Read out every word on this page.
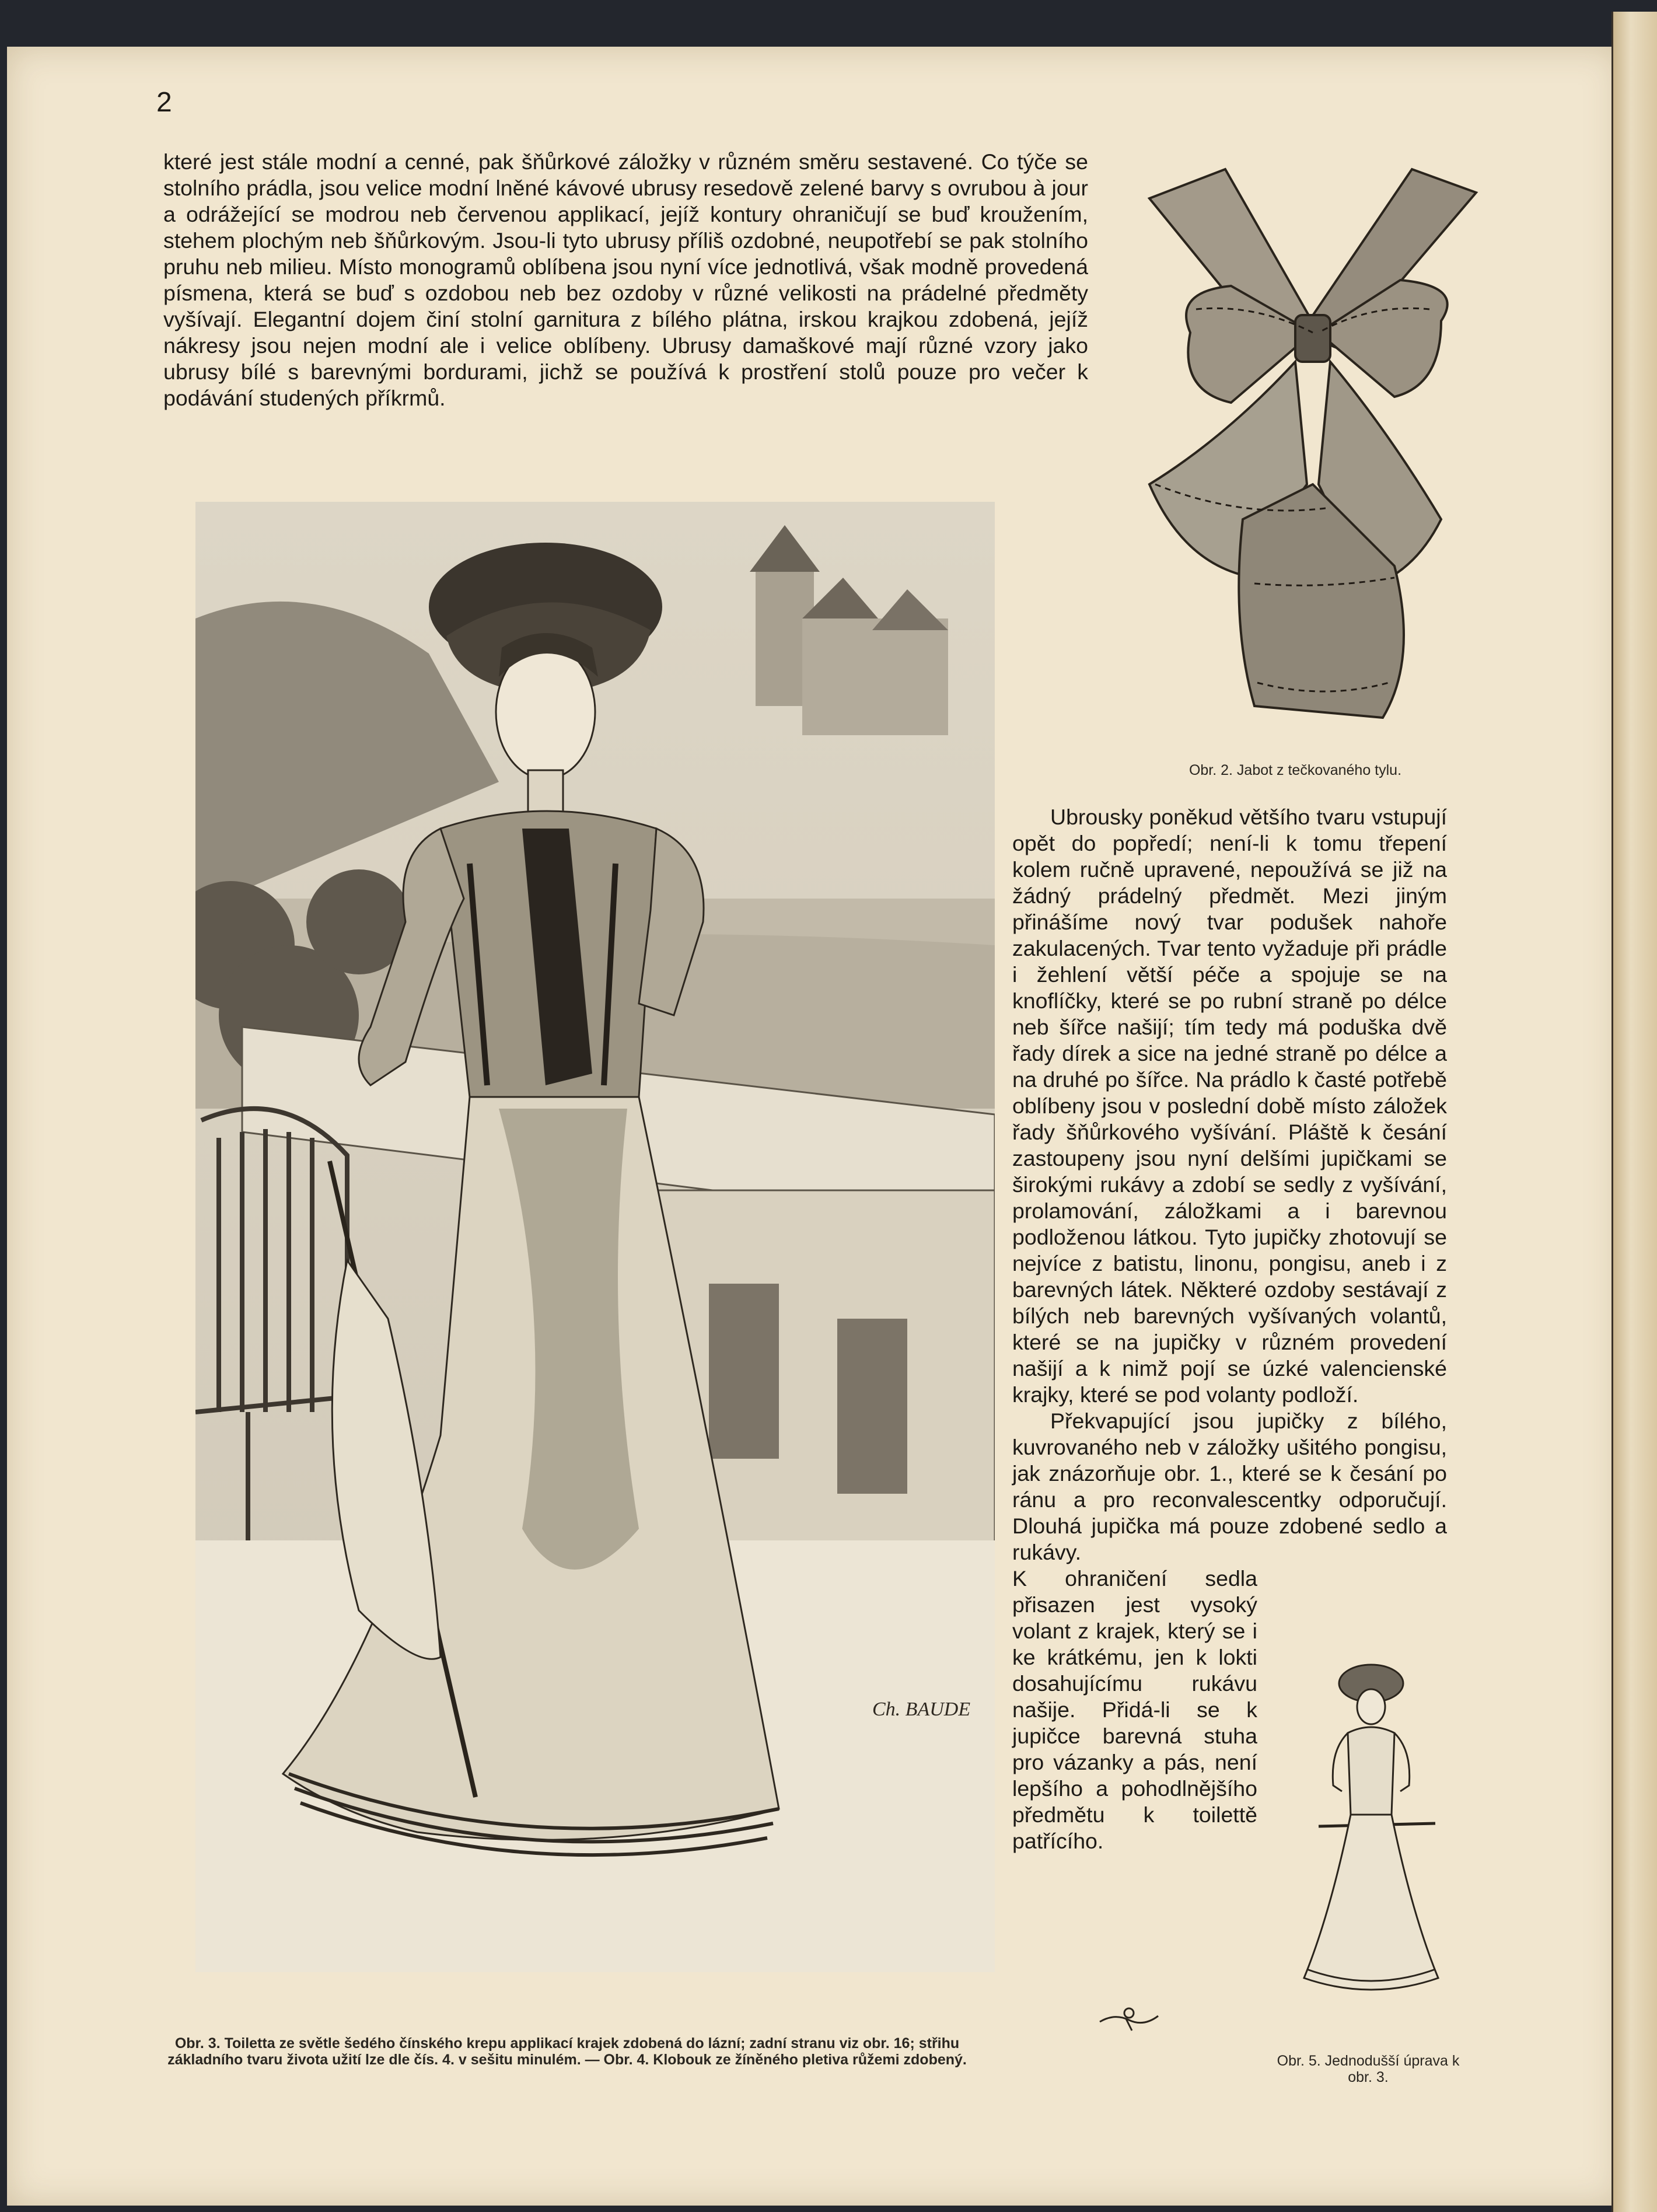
2
které jest stále modní a cenné, pak šňůrkové záložky v různém směru sestavené. Co týče se stolního prádla, jsou velice modní lněné kávové ubrusy resedově zelené barvy s ovrubou à jour a odrážející se modrou neb červenou applikací, jejíž kontury ohraničují se buď kroužením, stehem plochým neb šňůrkovým. Jsou-li tyto ubrusy příliš ozdobné, neupotřebí se pak stolního pruhu neb milieu. Místo monogramů oblíbena jsou nyní více jednotlivá, však modně provedená písmena, která se buď s ozdobou neb bez ozdoby v různé velikosti na prádelné předměty vyšívají. Elegantní dojem činí stolní garnitura z bílého plátna, irskou krajkou zdobená, jejíž nákresy jsou nejen modní ale i velice oblíbeny. Ubrusy damaškové mají různé vzory jako ubrusy bílé s barevnými bordurami, jichž se používá k prostření stolů pouze pro večer k podávání studených příkrmů.
Obr. 2. Jabot z tečkovaného tylu.
Ch. BAUDE

Ubrousky poněkud většího tvaru vstupují opět do popředí; není-li k tomu třepení kolem ručně upravené, nepoužívá se již na žádný prádelný předmět. Mezi jiným přinášíme nový tvar podušek nahoře zakulacených. Tvar tento vyžaduje při prádle i žehlení větší péče a spojuje se na knoflíčky, které se po rubní straně po délce neb šířce našijí; tím tedy má poduška dvě řady dírek a sice na jedné straně po délce a na druhé po šířce. Na prádlo k časté potřebě oblíbeny jsou v poslední době místo záložek řady šňůrkového vyšívání. Pláště k česání zastoupeny jsou nyní delšími jupičkami se širokými rukávy a zdobí se sedly z vyšívání, prolamování, záložkami a i barevnou podloženou látkou. Tyto jupičky zhotovují se nejvíce z batistu, linonu, pongisu, aneb i z barevných látek. Některé ozdoby sestávají z bílých neb barevných vyšívaných volantů, které se na jupičky v různém provedení našijí a k nimž pojí se úzké valencienské krajky, které se pod volanty podloží.

Překvapující jsou jupičky z bílého, kuvrovaného neb v záložky ušitého pongisu, jak znázorňuje obr. 1., které se k česání po ránu a pro reconvalescentky odporučují. Dlouhá jupička má pouze zdobené sedlo a rukávy.

K ohraničení sedla přisazen jest vysoký volant z krajek, který se i ke krátkému, jen k lokti dosahujícímu rukávu našije. Přidá-li se k jupičce barevná stuha pro vázanky a pás, není lepšího a pohodlnějšího předmětu k toilettě patřícího.

Obr. 5. Jednodušší úprava k obr. 3.
Obr. 3. Toiletta ze světle šedého čínského krepu applikací krajek zdobená do lázní; zadní stranu viz obr. 16; střihu základního tvaru života užití lze dle čís. 4. v sešitu minulém. — Obr. 4. Klobouk ze žíněného pletiva růžemi zdobený.
